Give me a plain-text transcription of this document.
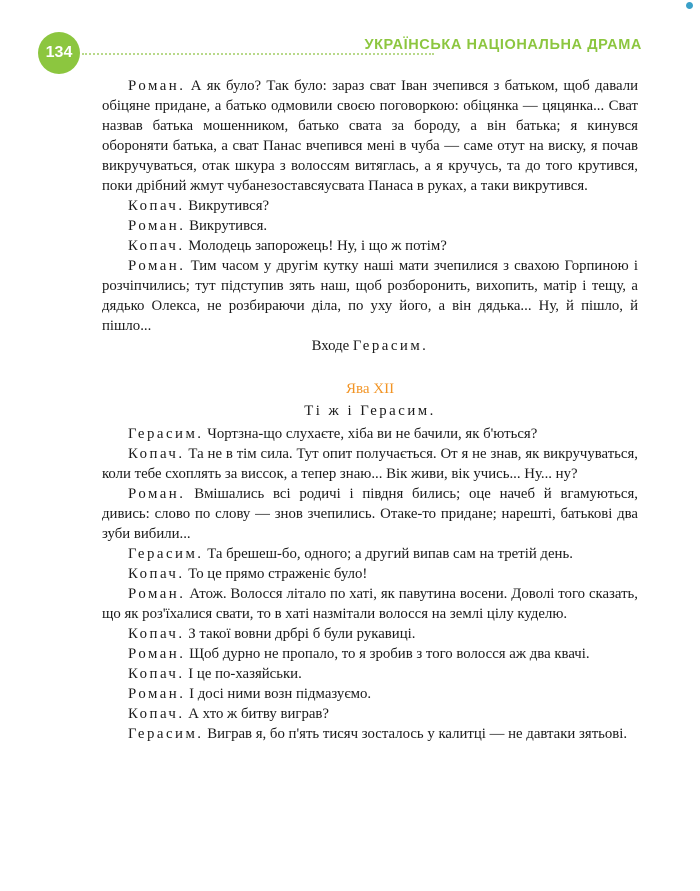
134	УКРАЇНСЬКА НАЦІОНАЛЬНА ДРАМА

Роман. А як було? Так було: зараз сват Іван зчепився з батьком, щоб давали обіцяне придане, а батько одмовили своєю поговоркою: обіцянка — цяцянка... Сват назвав батька мошенником, батько свата за бороду, а він батька; я кинувся обороняти батька, а сват Панас вчепився мені в чуба — саме отут на виску, я почав викручуваться, отак шкура з волоссям витяглась, а я кручусь, та до того крутився, поки дрібний жмут чубанезоставсяусвата Панаса в руках, а таки викрутився.

Копач. Викрутився?

Роман. Викрутився.

Копач. Молодець запорожець! Ну, і що ж потім?

Роман. Тим часом у другім кутку наші мати зчепилися з свахою Горпиною і розчіпчились; тут підступив зять наш, щоб розборонить, вихопить, матір і тещу, а дядько Олекса, не розбираючи діла, по уху його, а він дядька... Ну, й пішло, й пішло...

Входе Герасим.

Ява XII

Ті ж і Герасим.

Герасим. Чортзна-що слухаєте, хіба ви не бачили, як б'ються?

Копач. Та не в тім сила. Тут опит получається. От я не знав, як викручуваться, коли тебе схоплять за виссок, а тепер знаю... Вік живи, вік учись... Ну... ну?

Роман. Вмішались всі родичі і півдня бились; оце начеб й вгамуються, дивись: слово по слову — знов зчепились. Отаке-то придане; нарешті, батькові два зуби вибили...

Герасим. Та брешеш-бо, одного; а другий випав сам на третій день.

Копач. То це прямо страженіє було!

Роман. Атож. Волосся літало по хаті, як павутина восени. Доволі того сказать, що як роз'їхалися свати, то в хаті назмітали волосся на землі цілу куделю.

Копач. З такої вовни дрбрі б були рукавиці.

Роман. Щоб дурно не пропало, то я зробив з того волосся аж два квачі.

Копач. І це по-хазяйськи.

Роман. І досі ними возн підмазуємо.

Копач. А хто ж битву виграв?

Герасим. Виграв я, бо п'ять тисяч зосталось у калитці — не давтаки зятьові.
